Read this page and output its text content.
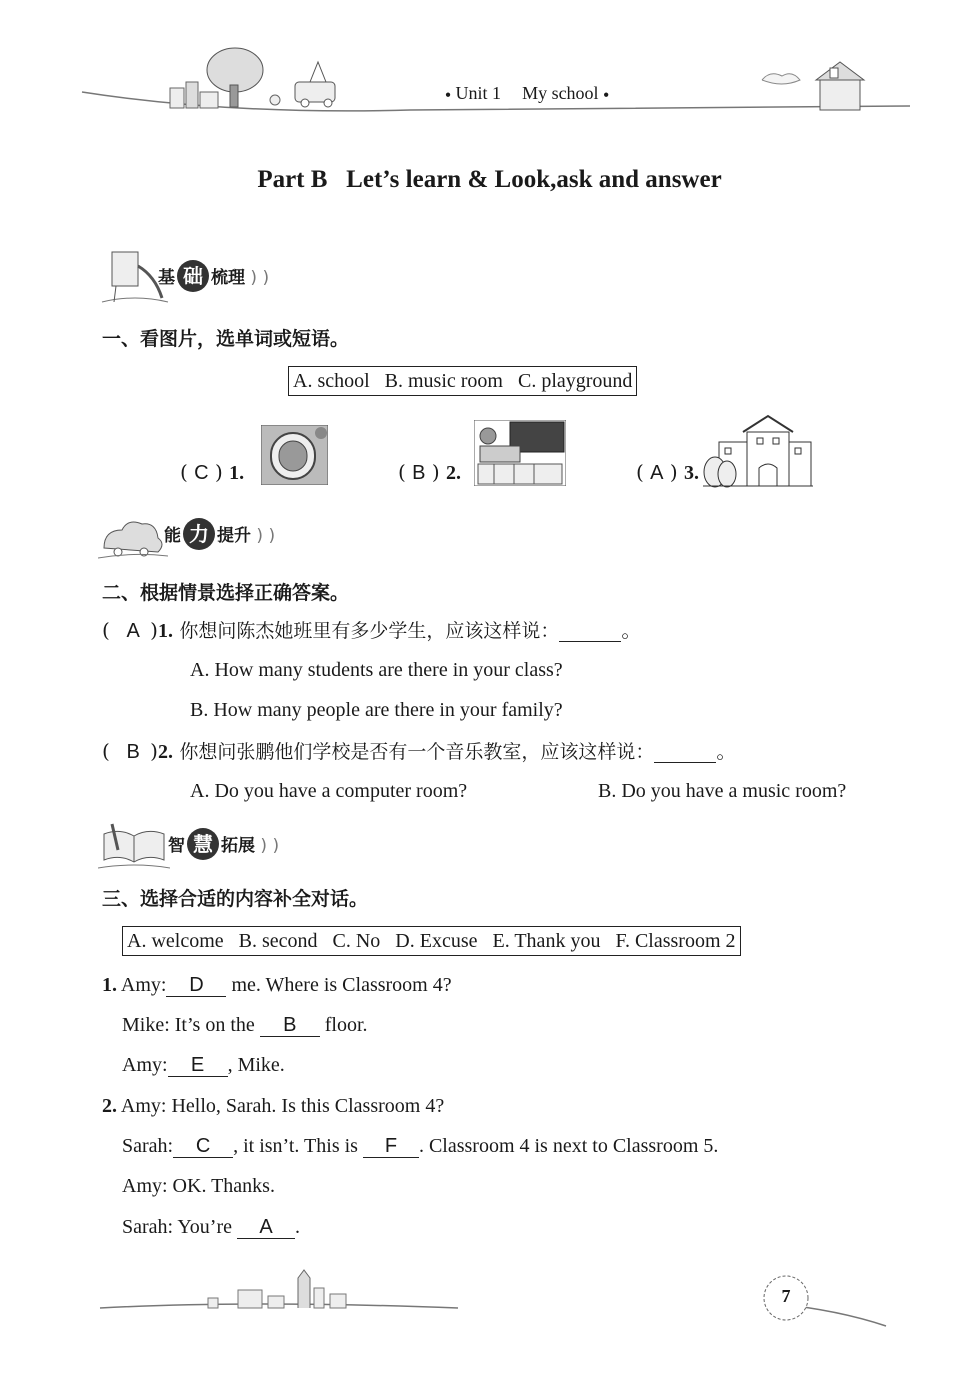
● Unit 1 My school ●
Part B   Let’s learn & Look,ask and answer
基 础 梳理 ) )
一、看图片，选单词或短语。
A. school   B. music room   C. playground
( C ) 1.	( B ) 2.	( A ) 3.
能 力 提升 ) )
二、根据情景选择正确答案。
( A )1. 你想问陈杰她班里有多少学生，应该这样说：	。
A. How many students are there in your class?
B. How many people are there in your family?
( B )2. 你想问张鹏他们学校是否有一个音乐教室，应该这样说：	。
A. Do you have a computer room?	B. Do you have a music room?
智 慧 拓展 ) )
三、选择合适的内容补全对话。
A. welcome   B. second   C. No   D. Excuse   E. Thank you   F. Classroom 2
1. Amy: D me. Where is Classroom 4?
Mike: It’s on the B floor.
Amy: E , Mike.
2. Amy: Hello, Sarah. Is this Classroom 4?
Sarah: C , it isn’t. This is F . Classroom 4 is next to Classroom 5.
Amy: OK. Thanks.
Sarah: You’re A .
7
